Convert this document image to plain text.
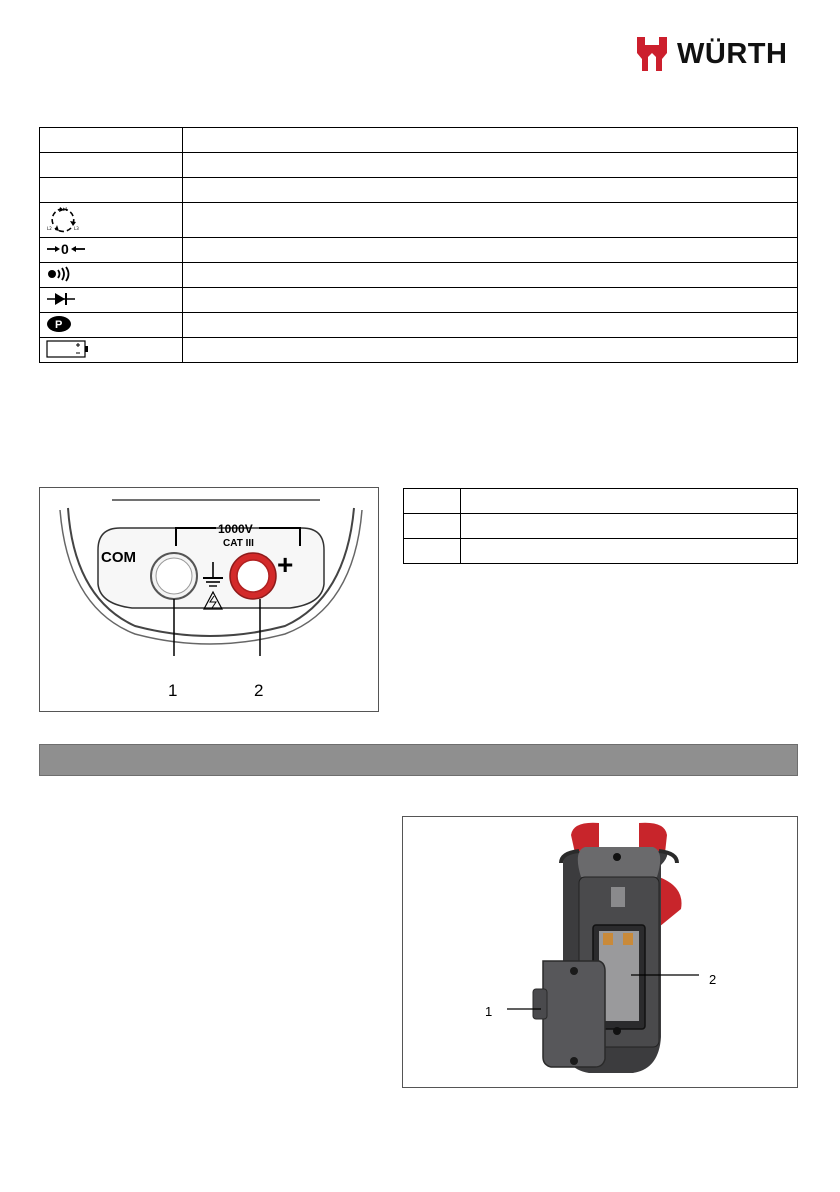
WÜRTH

L1
L2 L3	

0	

P	

COM
1000V
CAT III
+
1	2

1
2
